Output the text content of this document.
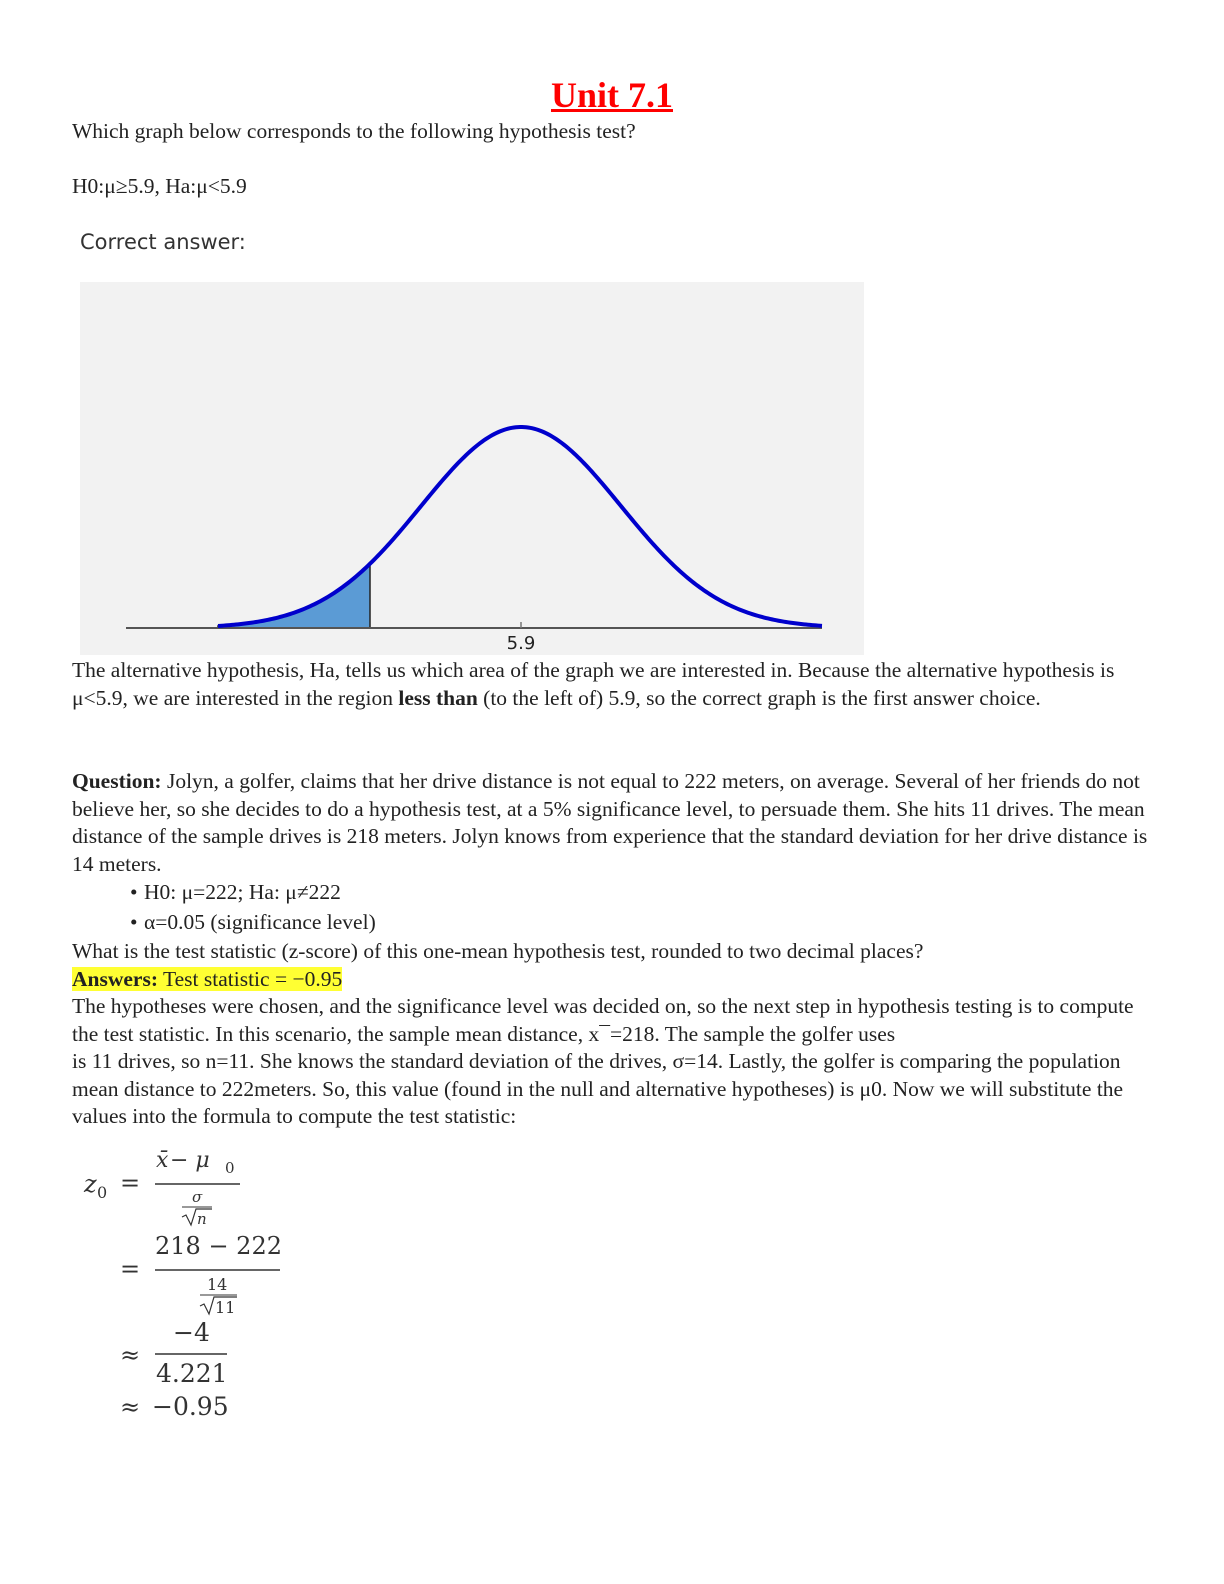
Unit 7.1

Which graph below corresponds to the following hypothesis test?

H0:μ≥5.9, Ha:μ<5.9

Correct answer:
5.9

The alternative hypothesis, Ha, tells us which area of the graph we are interested in. Because the alternative hypothesis is μ<5.9, we are interested in the region less than (to the left of) 5.9, so the correct graph is the first answer choice.

Question: Jolyn, a golfer, claims that her drive distance is not equal to 222 meters, on average. Several of her friends do not believe her, so she decides to do a hypothesis test, at a 5% significance level, to persuade them. She hits 11 drives. The mean distance of the sample drives is 218 meters. Jolyn knows from experience that the standard deviation for her drive distance is 14 meters.

• H0: μ=222; Ha: μ≠222
• α=0.05 (significance level)

What is the test statistic (z-score) of this one-mean hypothesis test, rounded to two decimal places?

Answers: Test statistic = −0.95

The hypotheses were chosen, and the significance level was decided on, so the next step in hypothesis testing is to compute the test statistic. In this scenario, the sample mean distance, x¯=218. The sample the golfer uses

is 11 drives, so n=11. She knows the standard deviation of the drives, σ=14. Lastly, the golfer is comparing the population mean distance to 222meters. So, this value (found in the null and alternative hypotheses) is μ0. Now we will substitute the values into the formula to compute the test statistic:

z 0 =
x̄ − μ 0
σ
n
=
218 − 222
14
11
≈
−4
4.221
≈ −0.95
